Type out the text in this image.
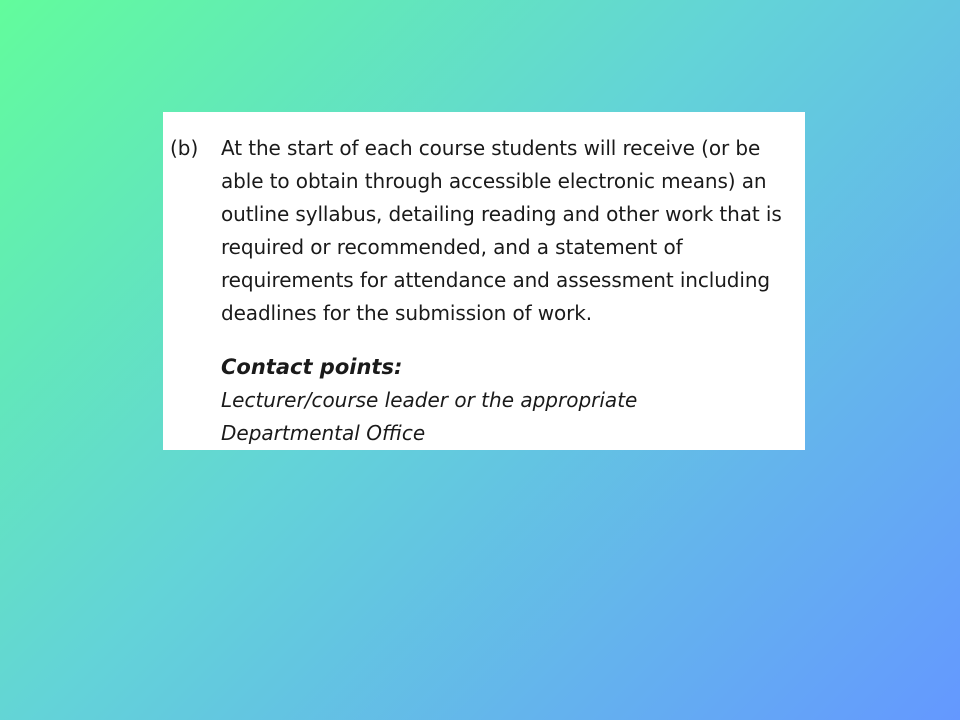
(b) At the start of each course students will receive (or be
able to obtain through accessible electronic means) an
outline syllabus, detailing reading and other work that is
required or recommended, and a statement of
requirements for attendance and assessment including
deadlines for the submission of work.
Contact points:
Lecturer/course leader or the appropriate
Departmental Office
